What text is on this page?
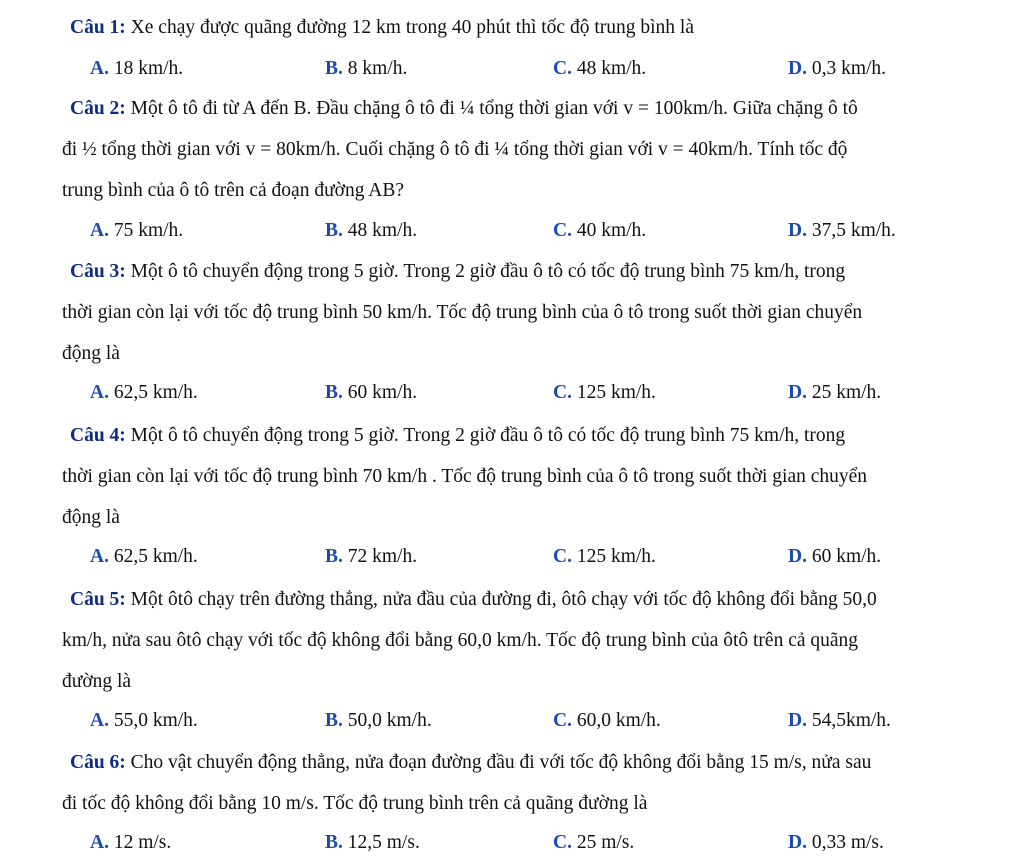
Câu 1: Xe chạy được quãng đường 12 km trong 40 phút thì tốc độ trung bình là
A. 18 km/h.	B. 8 km/h.	C. 48 km/h.	D. 0,3 km/h.
Câu 2: Một ô tô đi từ A đến B. Đầu chặng ô tô đi ¼ tổng thời gian với v = 100km/h. Giữa chặng ô tô
đi ½ tổng thời gian với v = 80km/h. Cuối chặng ô tô đi ¼ tổng thời gian với v = 40km/h. Tính tốc độ
trung bình của ô tô trên cả đoạn đường AB?
A. 75 km/h.	B. 48 km/h.	C. 40 km/h.	D. 37,5 km/h.
Câu 3: Một ô tô chuyển động trong 5 giờ. Trong 2 giờ đầu ô tô có tốc độ trung bình 75 km/h, trong
thời gian còn lại với tốc độ trung bình 50 km/h. Tốc độ trung bình của ô tô trong suốt thời gian chuyển
động là
A. 62,5 km/h.	B. 60 km/h.	C. 125 km/h.	D. 25 km/h.
Câu 4: Một ô tô chuyển động trong 5 giờ. Trong 2 giờ đầu ô tô có tốc độ trung bình 75 km/h, trong
thời gian còn lại với tốc độ trung bình 70 km/h . Tốc độ trung bình của ô tô trong suốt thời gian chuyển
động là
A. 62,5 km/h.	B. 72 km/h.	C. 125 km/h.	D. 60 km/h.
Câu 5: Một ôtô chạy trên đường thẳng, nửa đầu của đường đi, ôtô chạy với tốc độ không đổi bằng 50,0
km/h, nửa sau ôtô chạy với tốc độ không đổi bằng 60,0 km/h. Tốc độ trung bình của ôtô trên cả quãng
đường là
A. 55,0 km/h.	B. 50,0 km/h.	C. 60,0 km/h.	D. 54,5km/h.
Câu 6: Cho vật chuyển động thẳng, nửa đoạn đường đầu đi với tốc độ không đổi bằng 15 m/s, nửa sau
đi tốc độ không đổi bằng 10 m/s. Tốc độ trung bình trên cả quãng đường là
A. 12 m/s.	B. 12,5 m/s.	C. 25 m/s.	D. 0,33 m/s.
